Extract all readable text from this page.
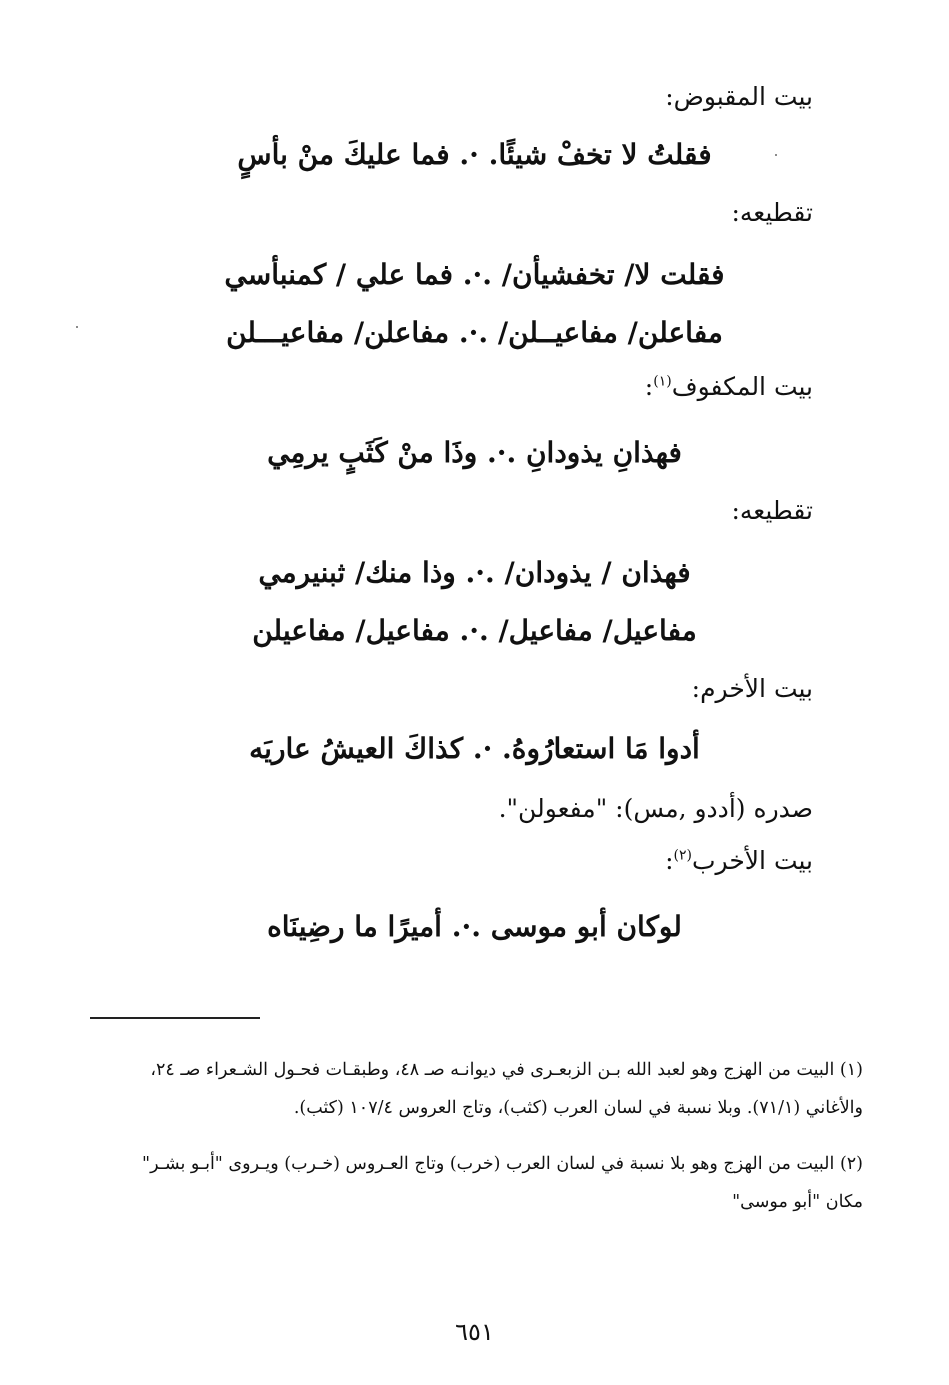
بيت المقبوض:
فقلتُ لا تخفْ شيئًا. ·. فما عليكَ منْ بأسٍ
تقطيعه:
فقلت لا/ تخفشيأن/ .·. فما علي / كمنبأسي
مفاعلن/ مفاعيــلن/ .·. مفاعلن/ مفاعيـــلن
بيت المكفوف$^{(١)}$:
فهذانِ يذودانِ .·. وذَا منْ كَثَبٍ يرمِي
تقطيعه:
فهذان / يذودان/ .·. وذا منك/ ثبنيرمي
مفاعيل/ مفاعيل/ .·. مفاعيل/ مفاعيلن
بيت الأخرم:
أدوا مَا استعارُوهُ. ·. كذاكَ العيشُ عاريَه
صدره (أددو ,مس): "مفعولن".
بيت الأخرب$^{(٢)}$:
لوكان أبو موسى .·. أميرًا ما رضِينَاه
(١) البيت من الهزج وهو لعبد الله بـن الزبعـرى في ديوانـه صـ ٤٨، وطبقـات فحـول الشـعراء صـ ٢٤،
والأغاني (٧١/١). وبلا نسبة في لسان العرب (كثب)، وتاج العروس ١٠٧/٤ (كثب).
(٢) البيت من الهزج وهو بلا نسبة في لسان العرب (خرب) وتاج العـروس (خـرب) ويـروى "أبـو بشـر"
مكان "أبو موسى"
٦٥١
